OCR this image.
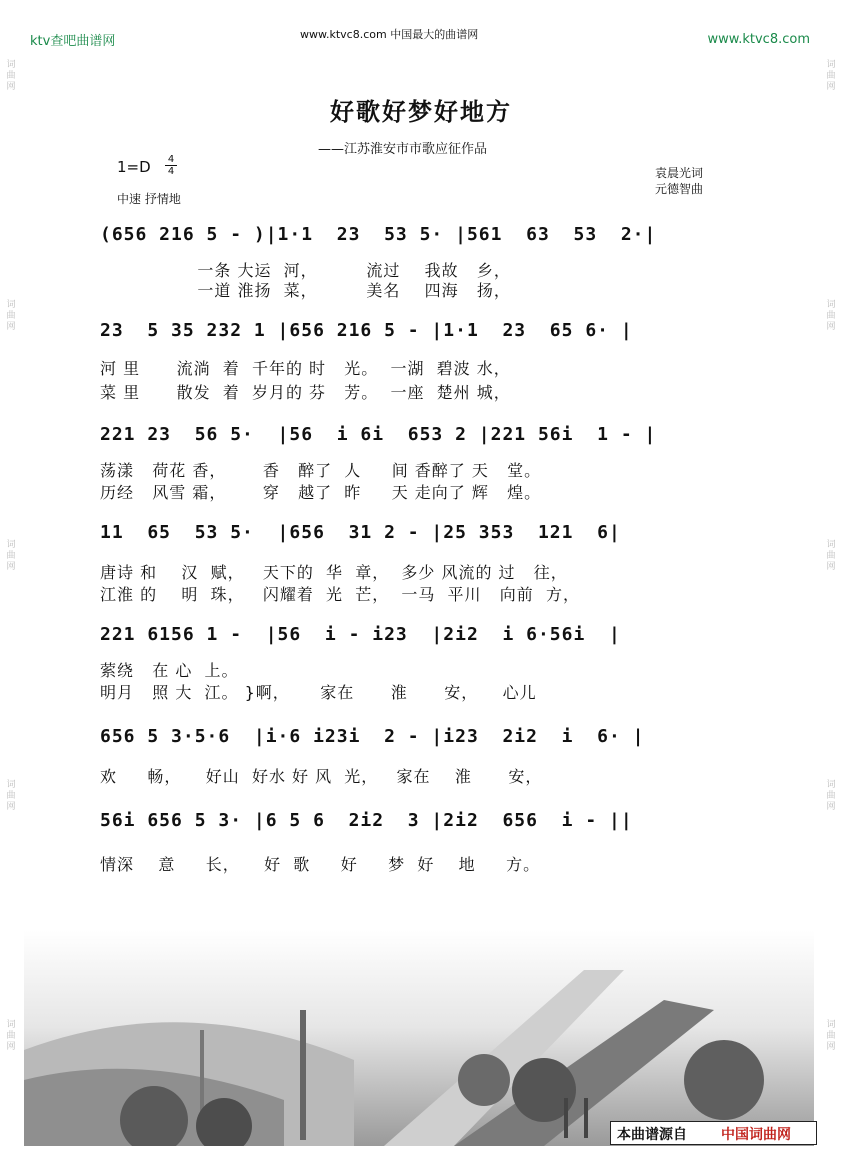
ktv查吧曲谱网	www.ktvc8.com 中国最大的曲谱网	www.ktvc8.com
词曲网
词曲网
词曲网
词曲网
词曲网
词曲网
词曲网
词曲网
词曲网
词曲网
好歌好梦好地方
——江苏淮安市市歌应征作品
1=D 4
4
中速 抒情地
袁晨光词
元德智曲
(656 216 5 - )|1·1  23  53 5· |561  63  53  2·|
一条 大运  河，        流过    我故   乡，
一道 淮扬  菜，        美名    四海   扬，
23  5 35 232 1 |656 216 5 - |1·1  23  65 6· |
河 里      流淌  着  千年的 时   光。  一湖  碧波 水，
菜 里      散发  着  岁月的 芬   芳。  一座  楚州 城，
221 23  56 5·  |56  i 6i  653 2 |221 56i  1 - |
荡漾   荷花 香，      香   醉了  人     间 香醉了 天   堂。
历经   风雪 霜，      穿   越了  昨     天 走向了 辉   煌。
11  65  53 5·  |656  31 2 - |25 353  121  6|
唐诗 和    汉  赋，   天下的  华  章，  多少 风流的 过   往，
江淮 的    明  珠，   闪耀着  光  芒，  一马  平川   向前  方，
221 6156 1 -  |56  i - i23  |2i2  i 6·56i  |
萦绕   在 心  上。
明月   照 大  江。 }啊，     家在      淮      安，    心儿
656 5 3·5·6  |i·6 i23i  2 - |i23  2i2  i  6· |
欢     畅，    好山  好水 好 风  光，   家在    淮      安，
56i 656 5 3· |6 5 6  2i2  3 |2i2  656  i - ||
情深    意     长，    好  歌     好     梦  好    地     方。
本曲谱源自 中国词曲网
